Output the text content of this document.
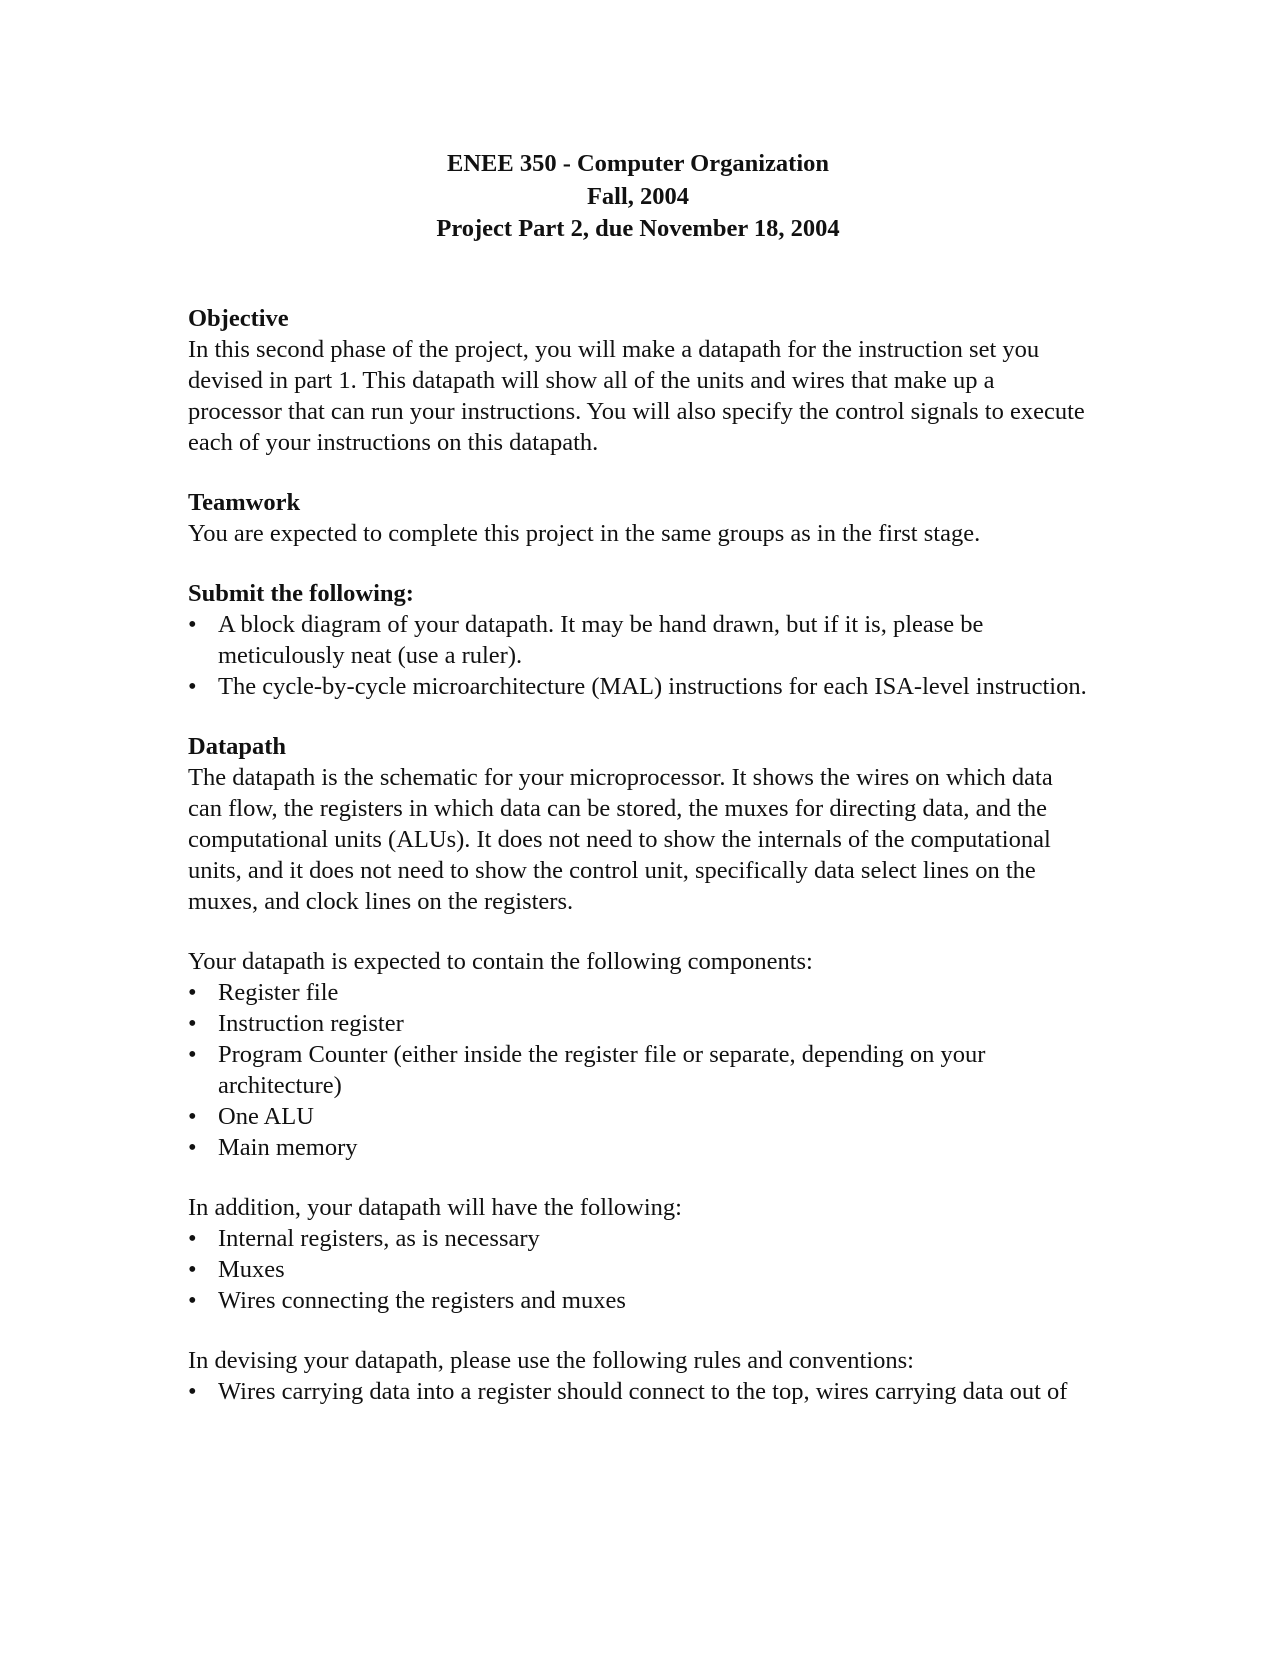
ENEE 350 - Computer Organization
Fall, 2004
Project Part 2, due November 18, 2004
Objective
In this second phase of the project, you will make a datapath for the instruction set you devised in part 1. This datapath will show all of the units and wires that make up a processor that can run your instructions. You will also specify the control signals to execute each of your instructions on this datapath.
Teamwork
You are expected to complete this project in the same groups as in the first stage.
Submit the following:
• A block diagram of your datapath. It may be hand drawn, but if it is, please be meticulously neat (use a ruler).
• The cycle-by-cycle microarchitecture (MAL) instructions for each ISA-level instruction.
Datapath
The datapath is the schematic for your microprocessor. It shows the wires on which data can flow, the registers in which data can be stored, the muxes for directing data, and the computational units (ALUs). It does not need to show the internals of the computational units, and it does not need to show the control unit, specifically data select lines on the muxes, and clock lines on the registers.
Your datapath is expected to contain the following components:
• Register file
• Instruction register
• Program Counter (either inside the register file or separate, depending on your architecture)
• One ALU
• Main memory
In addition, your datapath will have the following:
• Internal registers, as is necessary
• Muxes
• Wires connecting the registers and muxes
In devising your datapath, please use the following rules and conventions:
• Wires carrying data into a register should connect to the top, wires carrying data out of
